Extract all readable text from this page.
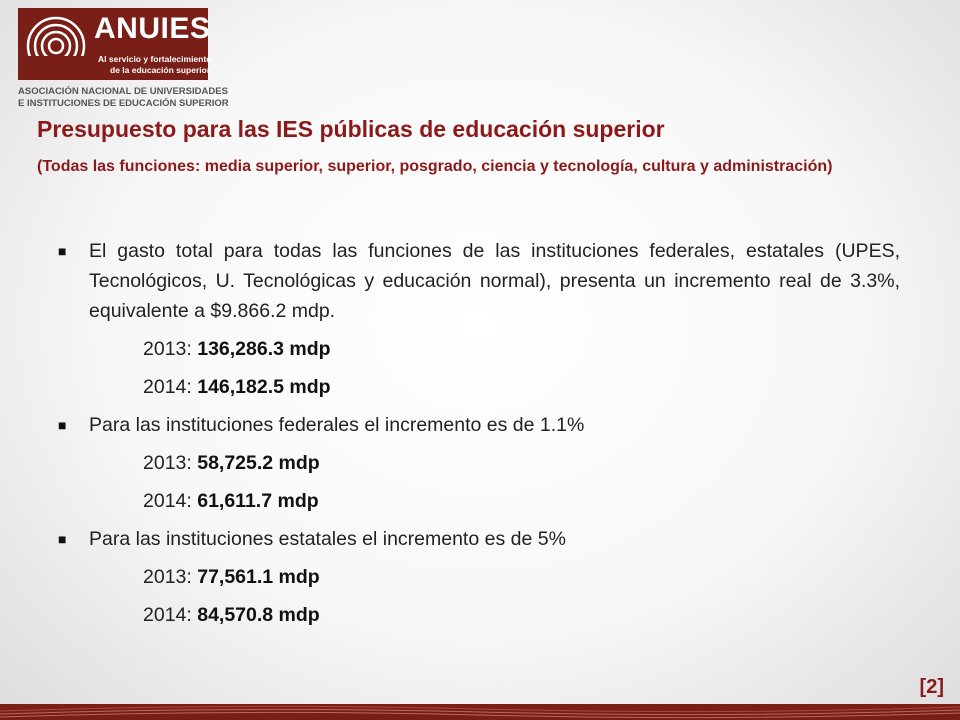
ANUIES
Al servicio y fortalecimiento
de la educación superior
ASOCIACIÓN NACIONAL DE UNIVERSIDADES
E INSTITUCIONES DE EDUCACIÓN SUPERIOR
Presupuesto para las IES públicas de educación superior
(Todas las funciones: media superior, superior, posgrado, ciencia y tecnología, cultura y administración)
■	El gasto total para todas las funciones de las instituciones federales, estatales (UPES, Tecnológicos, U. Tecnológicas y educación normal), presenta un incremento real de 3.3%, equivalente a $9.866.2 mdp.
2013: 136,286.3 mdp
2014: 146,182.5 mdp
■	Para las instituciones federales el incremento es de 1.1%
2013: 58,725.2 mdp
2014: 61,611.7 mdp
■	Para las instituciones estatales el incremento es de 5%
2013: 77,561.1 mdp
2014: 84,570.8 mdp
[2]
